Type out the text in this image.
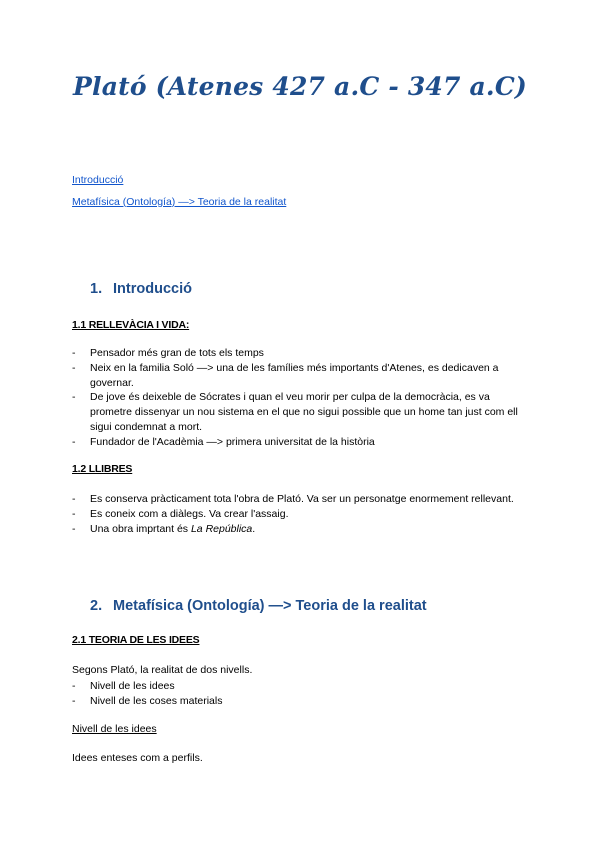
Plató (Atenes 427 a.C - 347 a.C)
Introducció
Metafísica (Ontología) —> Teoria de la realitat
1. Introducció
1.1 RELLEVÀCIA I VIDA:
- Pensador més gran de tots els temps
- Neix en la familia Soló —> una de les famílies més importants d'Atenes, es dedicaven a governar.
- De jove és deixeble de Sócrates i quan el veu morir per culpa de la democràcia, es va prometre dissenyar un nou sistema en el que no sigui possible que un home tan just com ell sigui condemnat a mort.
- Fundador de l'Acadèmia —> primera universitat de la història
1.2 LLIBRES
- Es conserva pràcticament tota l'obra de Plató. Va ser un personatge enormement rellevant.
- Es coneix com a diàlegs. Va crear l'assaig.
- Una obra imprtant és La República.
2. Metafísica (Ontología) —> Teoria de la realitat
2.1 TEORIA DE LES IDEES
Segons Plató, la realitat de dos nivells.
- Nivell de les idees
- Nivell de les coses materials
Nivell de les idees
Idees enteses com a perfils.
